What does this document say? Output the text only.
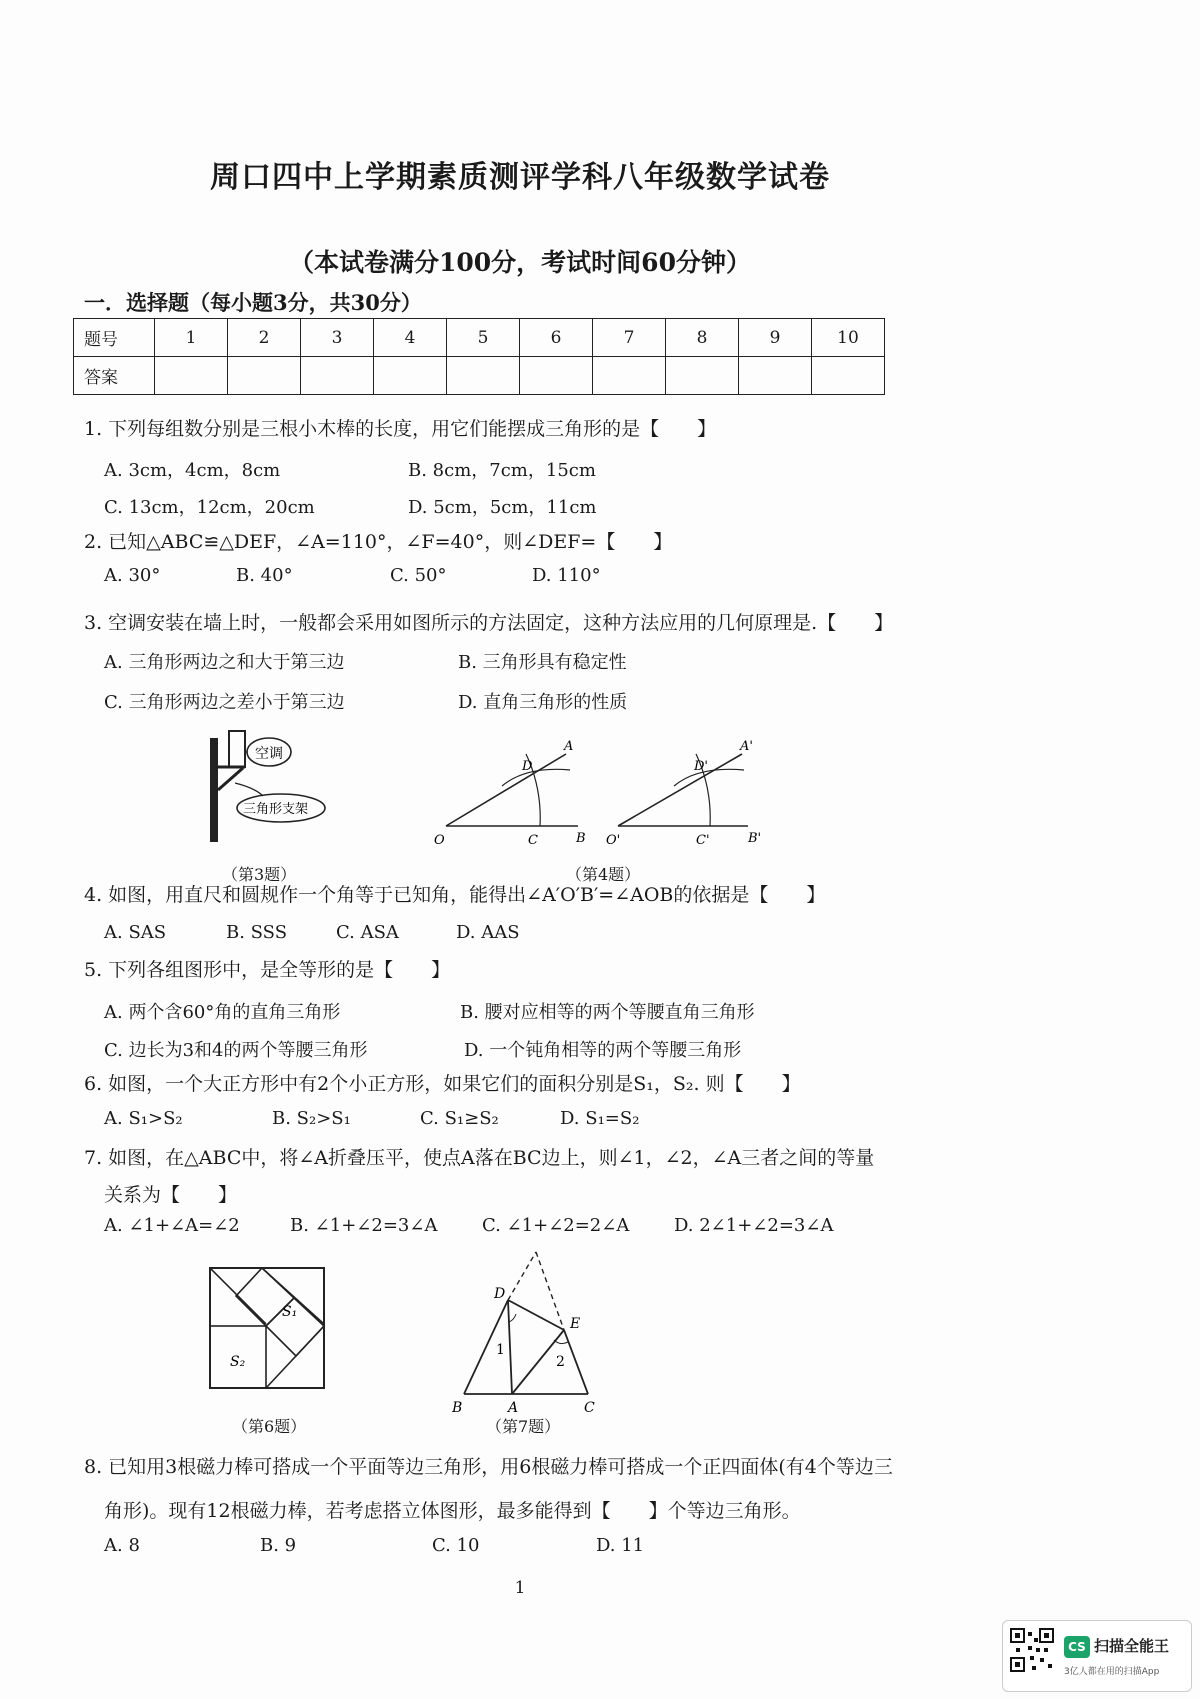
周口四中上学期素质测评学科八年级数学试卷
（本试卷满分100分，考试时间60分钟）
一．选择题（每小题3分，共30分）
题号	1	2	3	4	5	6	7	8	9	10
答案										
1. 下列每组数分别是三根小木棒的长度，用它们能摆成三角形的是【　　】
A. 3cm，4cm，8cm	B. 8cm，7cm，15cm
C. 13cm，12cm，20cm	D. 5cm，5cm，11cm
2. 已知△ABC≌△DEF，∠A=110°，∠F=40°，则∠DEF=【　　】
A. 30°	B. 40°	C. 50°	D. 110°
3. 空调安装在墙上时，一般都会采用如图所示的方法固定，这种方法应用的几何原理是.【　　】
A. 三角形两边之和大于第三边	B. 三角形具有稳定性
C. 三角形两边之差小于第三边	D. 直角三角形的性质
空调
三角形支架
（第3题）
O	C	B
D
A
O'	C'	B'
D'
A'
（第4题）
4. 如图，用直尺和圆规作一个角等于已知角，能得出∠A′O′B′=∠AOB的依据是【　　】
A. SAS	B. SSS	C. ASA	D. AAS
5. 下列各组图形中，是全等形的是【　　】
A. 两个含60°角的直角三角形	B. 腰对应相等的两个等腰直角三角形
C. 边长为3和4的两个等腰三角形	D. 一个钝角相等的两个等腰三角形
6. 如图，一个大正方形中有2个小正方形，如果它们的面积分别是S₁，S₂. 则【　　】
A. S₁>S₂	B. S₂>S₁	C. S₁≥S₂	D. S₁=S₂
7. 如图，在△ABC中，将∠A折叠压平，使点A落在BC边上，则∠1，∠2，∠A三者之间的等量
关系为【　　】
A. ∠1+∠A=∠2	B. ∠1+∠2=3∠A C. ∠1+∠2=2∠A D. 2∠1+∠2=3∠A
S₁
S₂
（第6题）
D
E
1
2
B	A	C
（第7题）
8. 已知用3根磁力棒可搭成一个平面等边三角形，用6根磁力棒可搭成一个正四面体(有4个等边三
角形)。现有12根磁力棒，若考虑搭立体图形，最多能得到【　　】个等边三角形。
A. 8	B. 9	C. 10	D. 11
1
CS 扫描全能王
3亿人都在用的扫描App
